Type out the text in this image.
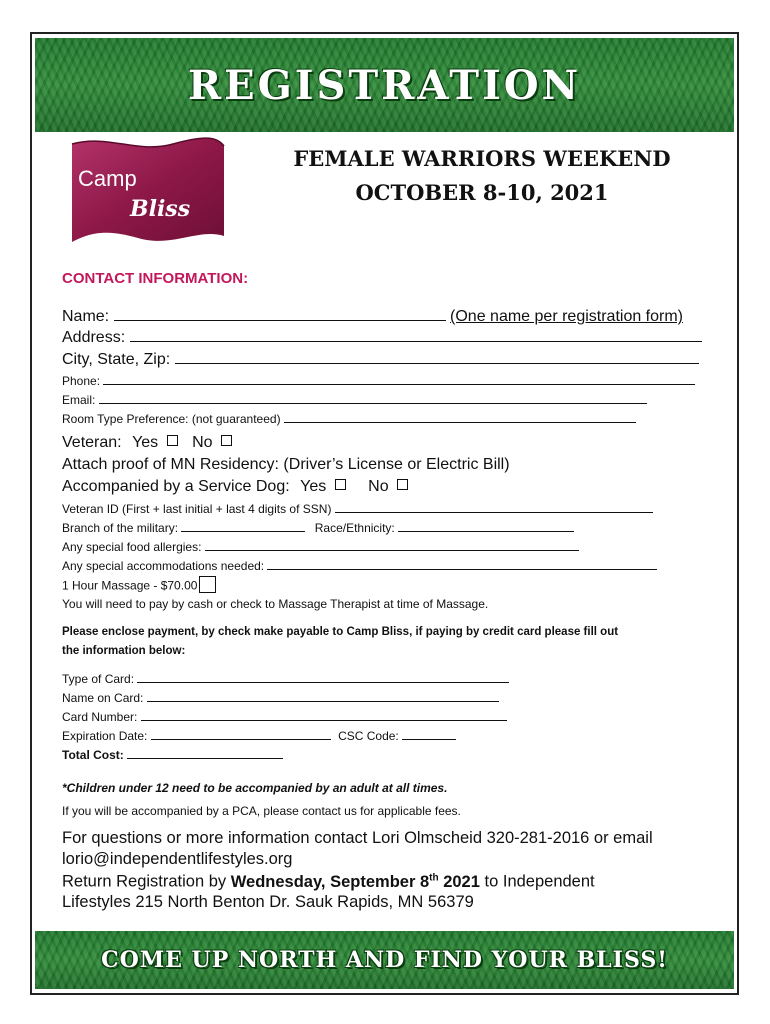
REGISTRATION
Camp
Bliss
FEMALE WARRIORS WEEKEND
OCTOBER 8-10, 2021
CONTACT INFORMATION:
Name:	(One name per registration form)
Address:
City, State, Zip:
Phone:
Email:
Room Type Preference: (not guaranteed)
Veteran: Yes No
Attach proof of MN Residency: (Driver’s License or Electric Bill)
Accompanied by a Service Dog: Yes	No
Veteran ID (First + last initial + last 4 digits of SSN)
Branch of the military:	Race/Ethnicity:
Any special food allergies:
Any special accommodations needed:
1 Hour Massage - $70.00
You will need to pay by cash or check to Massage Therapist at time of Massage.
Please enclose payment, by check make payable to Camp Bliss, if paying by credit card please fill out
the information below:
Type of Card:
Name on Card:
Card Number:
Expiration Date:	CSC Code:
Total Cost:
*Children under 12 need to be accompanied by an adult at all times.
If you will be accompanied by a PCA, please contact us for applicable fees.
For questions or more information contact Lori Olmscheid 320-281-2016 or email
lorio@independentlifestyles.org
Return Registration by Wednesday, September 8th 2021 to Independent
Lifestyles 215 North Benton Dr. Sauk Rapids, MN 56379
COME UP NORTH AND FIND YOUR BLISS!
